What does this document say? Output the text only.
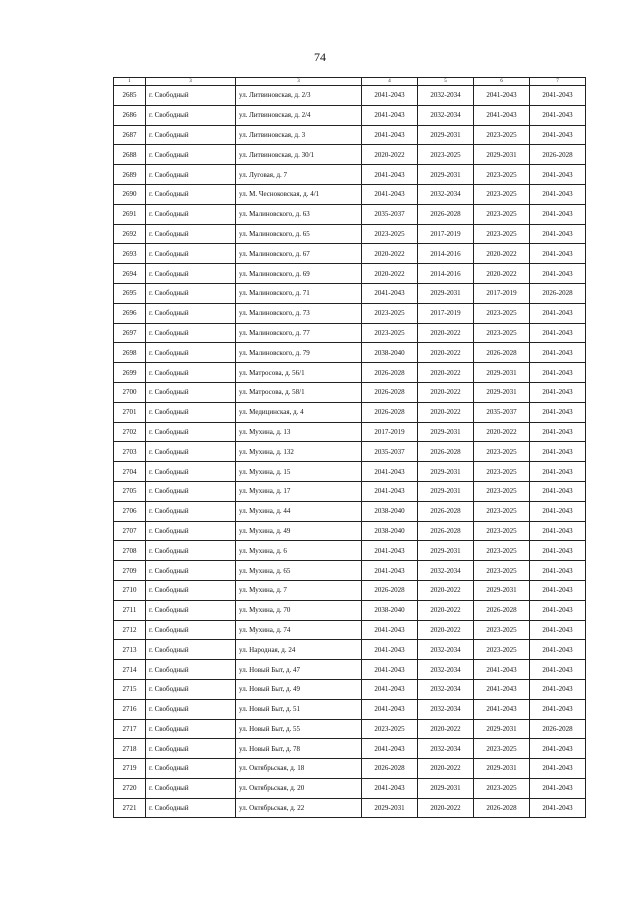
74
1	3	3	4	5	6	7
2685	г. Свободный	ул. Литвиновская, д. 2/3	2041-2043	2032-2034	2041-2043	2041-2043
2686	г. Свободный	ул. Литвиновская, д. 2/4	2041-2043	2032-2034	2041-2043	2041-2043
2687	г. Свободный	ул. Литвиновская, д. 3	2041-2043	2029-2031	2023-2025	2041-2043
2688	г. Свободный	ул. Литвиновская, д. 30/1	2020-2022	2023-2025	2029-2031	2026-2028
2689	г. Свободный	ул. Луговая, д. 7	2041-2043	2029-2031	2023-2025	2041-2043
2690	г. Свободный	ул. М. Чесноковская, д. 4/1	2041-2043	2032-2034	2023-2025	2041-2043
2691	г. Свободный	ул. Малиновского, д. 63	2035-2037	2026-2028	2023-2025	2041-2043
2692	г. Свободный	ул. Малиновского, д. 65	2023-2025	2017-2019	2023-2025	2041-2043
2693	г. Свободный	ул. Малиновского, д. 67	2020-2022	2014-2016	2020-2022	2041-2043
2694	г. Свободный	ул. Малиновского, д. 69	2020-2022	2014-2016	2020-2022	2041-2043
2695	г. Свободный	ул. Малиновского, д. 71	2041-2043	2029-2031	2017-2019	2026-2028
2696	г. Свободный	ул. Малиновского, д. 73	2023-2025	2017-2019	2023-2025	2041-2043
2697	г. Свободный	ул. Малиновского, д. 77	2023-2025	2020-2022	2023-2025	2041-2043
2698	г. Свободный	ул. Малиновского, д. 79	2038-2040	2020-2022	2026-2028	2041-2043
2699	г. Свободный	ул. Матросова, д. 56/1	2026-2028	2020-2022	2029-2031	2041-2043
2700	г. Свободный	ул. Матросова, д. 58/1	2026-2028	2020-2022	2029-2031	2041-2043
2701	г. Свободный	ул. Медицинская, д. 4	2026-2028	2020-2022	2035-2037	2041-2043
2702	г. Свободный	ул. Мухина, д. 13	2017-2019	2029-2031	2020-2022	2041-2043
2703	г. Свободный	ул. Мухина, д. 132	2035-2037	2026-2028	2023-2025	2041-2043
2704	г. Свободный	ул. Мухина, д. 15	2041-2043	2029-2031	2023-2025	2041-2043
2705	г. Свободный	ул. Мухина, д. 17	2041-2043	2029-2031	2023-2025	2041-2043
2706	г. Свободный	ул. Мухина, д. 44	2038-2040	2026-2028	2023-2025	2041-2043
2707	г. Свободный	ул. Мухина, д. 49	2038-2040	2026-2028	2023-2025	2041-2043
2708	г. Свободный	ул. Мухина, д. 6	2041-2043	2029-2031	2023-2025	2041-2043
2709	г. Свободный	ул. Мухина, д. 65	2041-2043	2032-2034	2023-2025	2041-2043
2710	г. Свободный	ул. Мухина, д. 7	2026-2028	2020-2022	2029-2031	2041-2043
2711	г. Свободный	ул. Мухина, д. 70	2038-2040	2020-2022	2026-2028	2041-2043
2712	г. Свободный	ул. Мухина, д. 74	2041-2043	2020-2022	2023-2025	2041-2043
2713	г. Свободный	ул. Народная, д. 24	2041-2043	2032-2034	2023-2025	2041-2043
2714	г. Свободный	ул. Новый Быт, д. 47	2041-2043	2032-2034	2041-2043	2041-2043
2715	г. Свободный	ул. Новый Быт, д. 49	2041-2043	2032-2034	2041-2043	2041-2043
2716	г. Свободный	ул. Новый Быт, д. 51	2041-2043	2032-2034	2041-2043	2041-2043
2717	г. Свободный	ул. Новый Быт, д. 55	2023-2025	2020-2022	2029-2031	2026-2028
2718	г. Свободный	ул. Новый Быт, д. 78	2041-2043	2032-2034	2023-2025	2041-2043
2719	г. Свободный	ул. Октябрьская, д. 18	2026-2028	2020-2022	2029-2031	2041-2043
2720	г. Свободный	ул. Октябрьская, д. 20	2041-2043	2029-2031	2023-2025	2041-2043
2721	г. Свободный	ул. Октябрьская, д. 22	2029-2031	2020-2022	2026-2028	2041-2043
